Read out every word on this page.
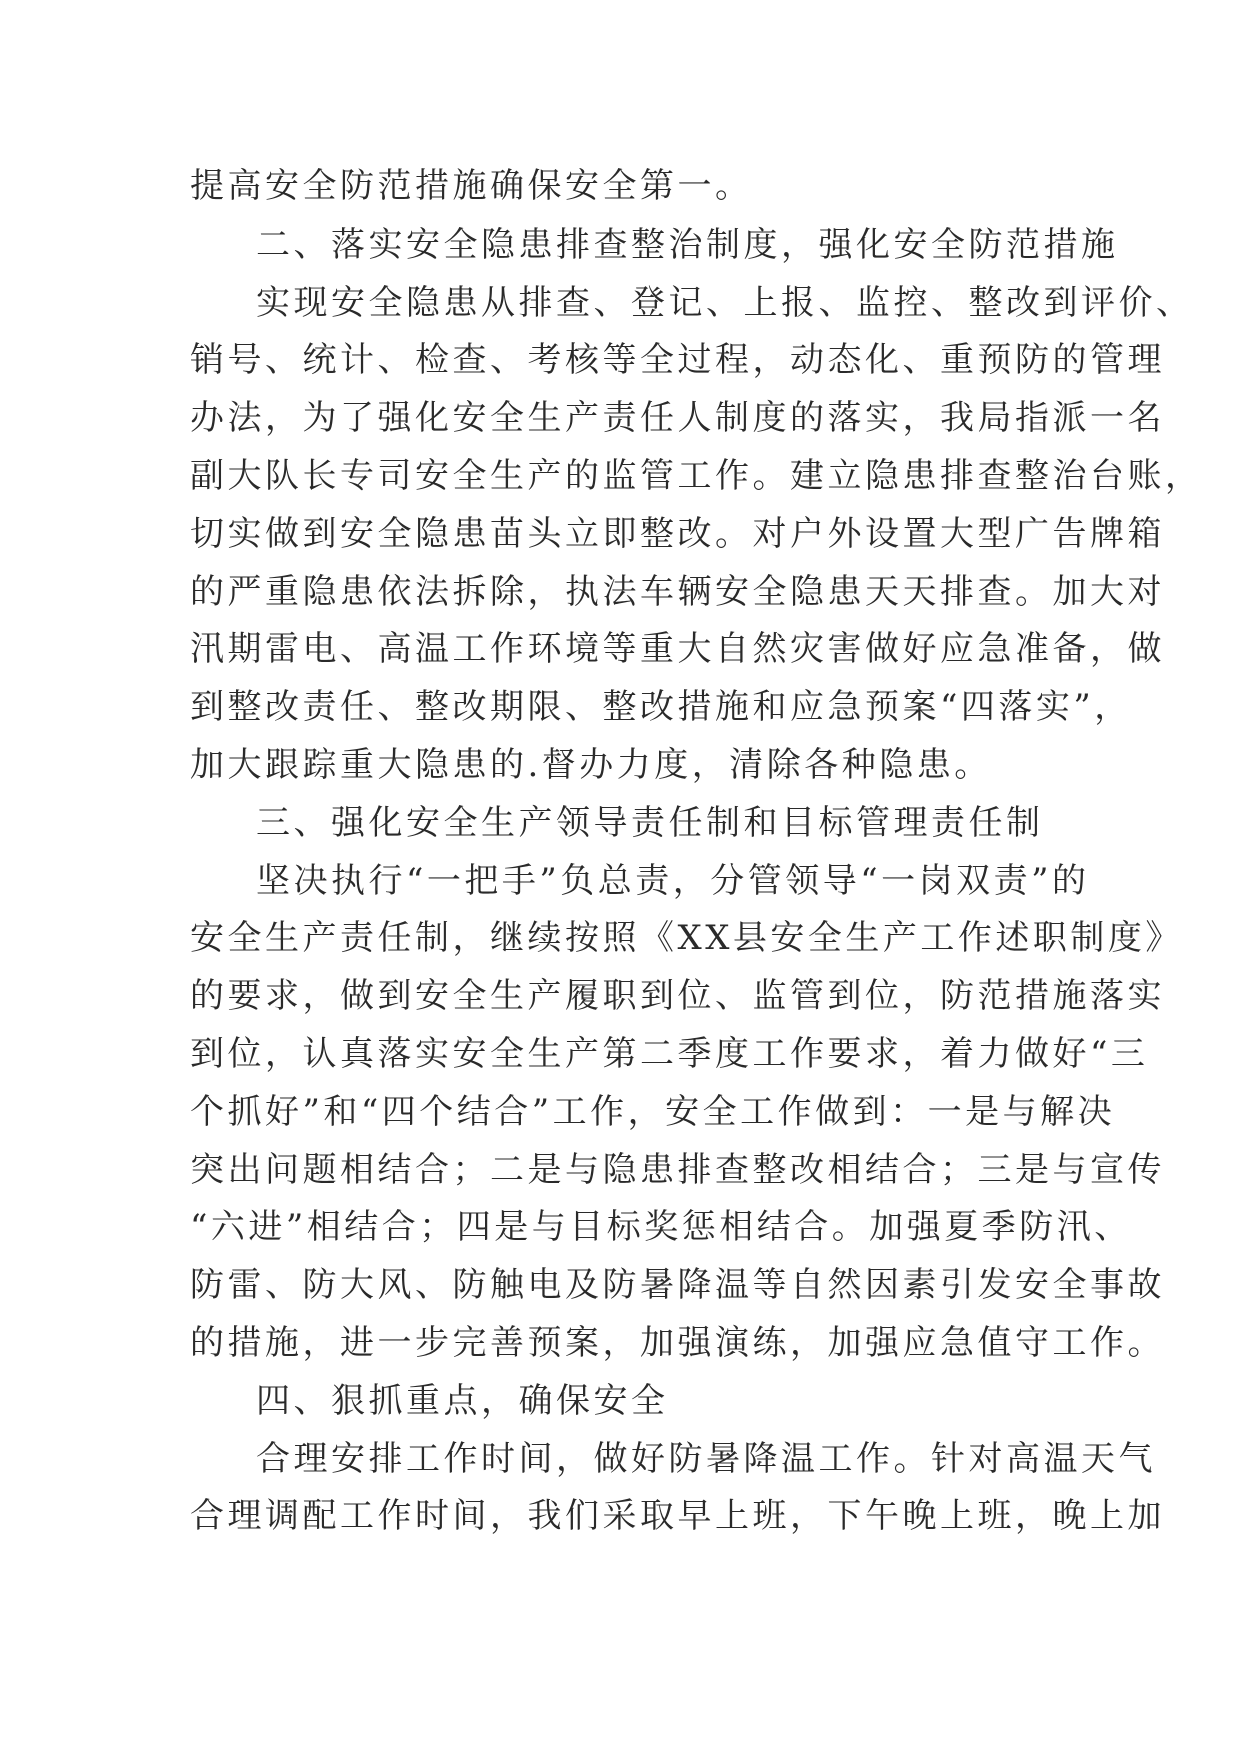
提高安全防范措施确保安全第一。
二、落实安全隐患排查整治制度，强化安全防范措施
实现安全隐患从排查、登记、上报、监控、整改到评价、
销号、统计、检查、考核等全过程，动态化、重预防的管理
办法，为了强化安全生产责任人制度的落实，我局指派一名
副大队长专司安全生产的监管工作。建立隐患排查整治台账，
切实做到安全隐患苗头立即整改。对户外设置大型广告牌箱
的严重隐患依法拆除，执法车辆安全隐患天天排查。加大对
汛期雷电、高温工作环境等重大自然灾害做好应急准备，做
到整改责任、整改期限、整改措施和应急预案“四落实”，
加大跟踪重大隐患的.督办力度，清除各种隐患。
三、强化安全生产领导责任制和目标管理责任制
坚决执行“一把手”负总责，分管领导“一岗双责”的
安全生产责任制，继续按照《XX县安全生产工作述职制度》
的要求，做到安全生产履职到位、监管到位，防范措施落实
到位，认真落实安全生产第二季度工作要求，着力做好“三
个抓好”和“四个结合”工作，安全工作做到：一是与解决
突出问题相结合；二是与隐患排查整改相结合；三是与宣传
“六进”相结合；四是与目标奖惩相结合。加强夏季防汛、
防雷、防大风、防触电及防暑降温等自然因素引发安全事故
的措施，进一步完善预案，加强演练，加强应急值守工作。
四、狠抓重点，确保安全
合理安排工作时间，做好防暑降温工作。针对高温天气
合理调配工作时间，我们采取早上班，下午晚上班，晚上加
